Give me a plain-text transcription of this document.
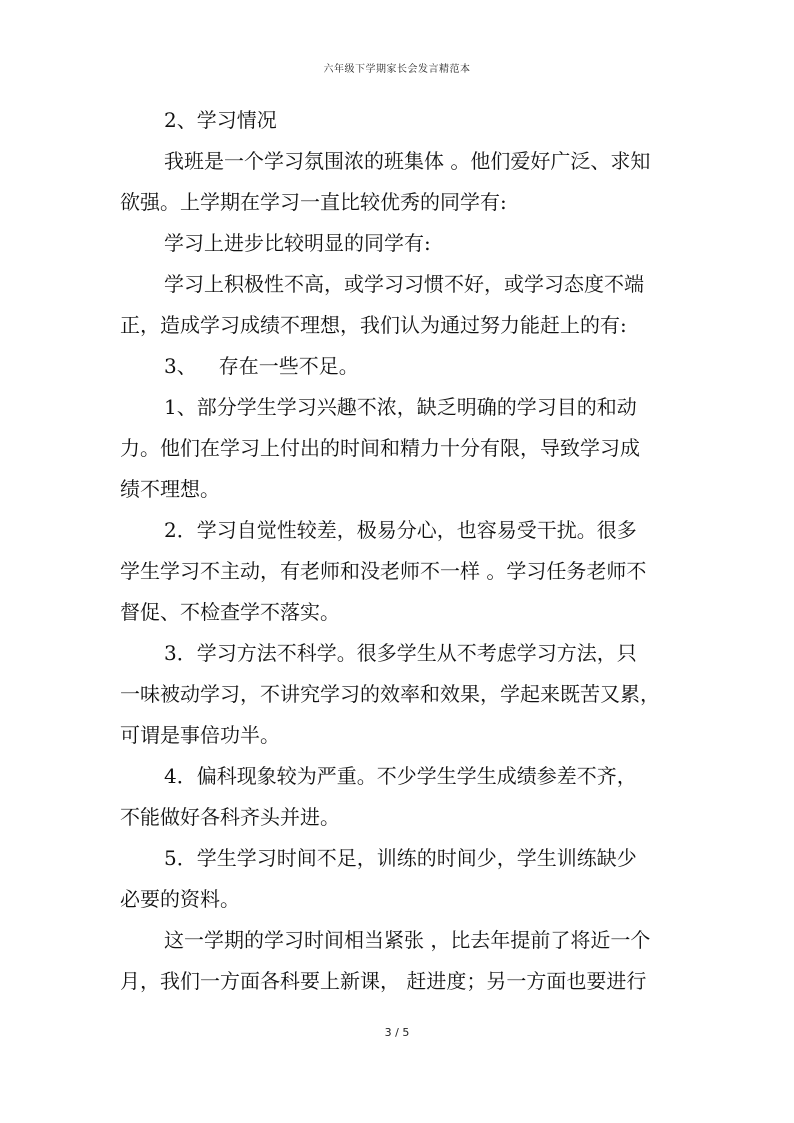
六年级下学期家长会发言精范本
2、学习情况
我班是一个学习氛围浓的班集体 。他们爱好广泛、求知
欲强。上学期在学习一直比较优秀的同学有:
学习上进步比较明显的同学有:
学习上积极性不高，或学习习惯不好，或学习态度不端
正，造成学习成绩不理想，我们认为通过努力能赶上的有:
3、 存在一些不足。
1、部分学生学习兴趣不浓，缺乏明确的学习目的和动
力。他们在学习上付出的时间和精力十分有限，导致学习成
绩不理想。
2．学习自觉性较差，极易分心，也容易受干扰。很多
学生学习不主动，有老师和没老师不一样 。学习任务老师不
督促、不检查学不落实。
3．学习方法不科学。很多学生从不考虑学习方法，只
一味被动学习，不讲究学习的效率和效果，学起来既苦又累，
可谓是事倍功半。
4．偏科现象较为严重。不少学生学生成绩参差不齐，
不能做好各科齐头并进。
5．学生学习时间不足，训练的时间少，学生训练缺少
必要的资料。
这一学期的学习时间相当紧张 ，比去年提前了将近一个
月，我们一方面各科要上新课， 赶进度；另一方面也要进行
3 / 5
